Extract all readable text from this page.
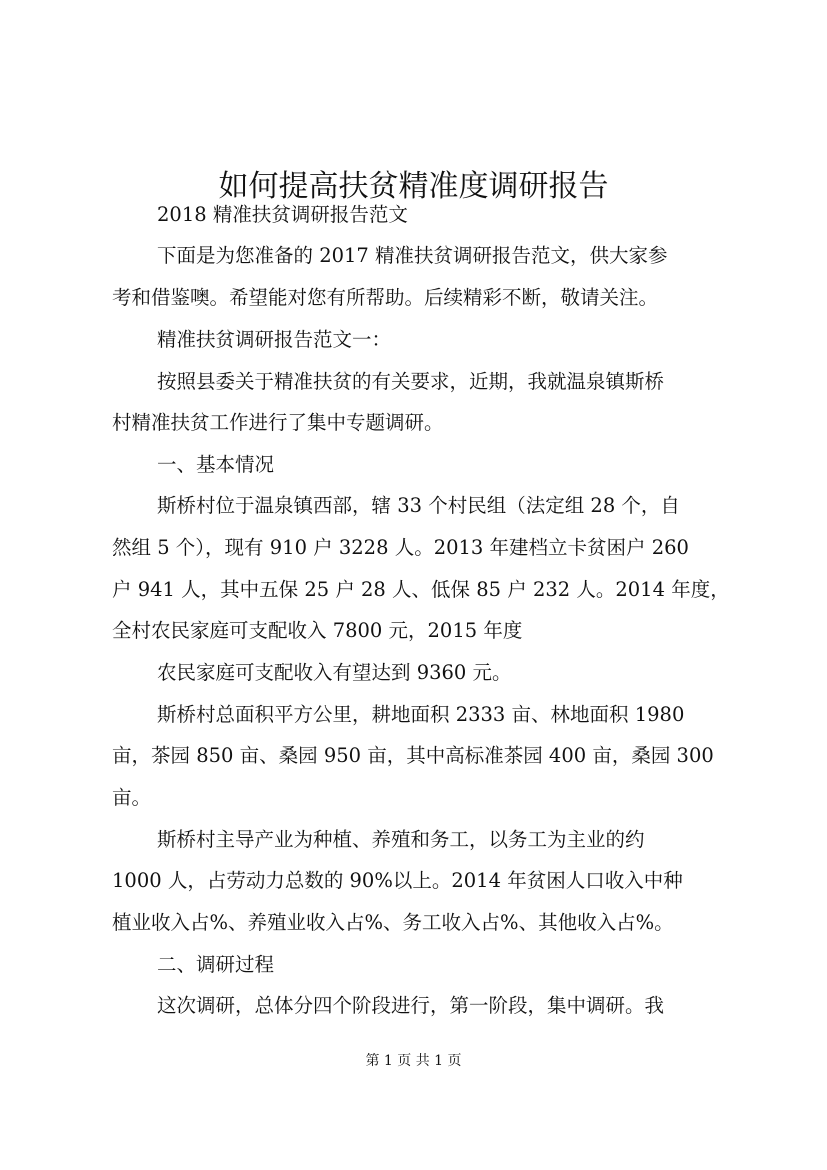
如何提高扶贫精准度调研报告
2018 精准扶贫调研报告范文
下面是为您准备的 2017 精准扶贫调研报告范文，供大家参
考和借鉴噢。希望能对您有所帮助。后续精彩不断，敬请关注。
精准扶贫调研报告范文一：
按照县委关于精准扶贫的有关要求，近期，我就温泉镇斯桥
村精准扶贫工作进行了集中专题调研。
一、基本情况
斯桥村位于温泉镇西部，辖 33 个村民组（法定组 28 个，自
然组 5 个），现有 910 户 3228 人。2013 年建档立卡贫困户 260
户 941 人，其中五保 25 户 28 人、低保 85 户 232 人。2014 年度，
全村农民家庭可支配收入 7800 元，2015 年度
农民家庭可支配收入有望达到 9360 元。
斯桥村总面积平方公里，耕地面积 2333 亩、林地面积 1980
亩，茶园 850 亩、桑园 950 亩，其中高标准茶园 400 亩，桑园 300
亩。
斯桥村主导产业为种植、养殖和务工，以务工为主业的约
1000 人，占劳动力总数的 90%以上。2014 年贫困人口收入中种
植业收入占%、养殖业收入占%、务工收入占%、其他收入占%。
二、调研过程
这次调研，总体分四个阶段进行，第一阶段，集中调研。我
第 1 页 共 1 页
